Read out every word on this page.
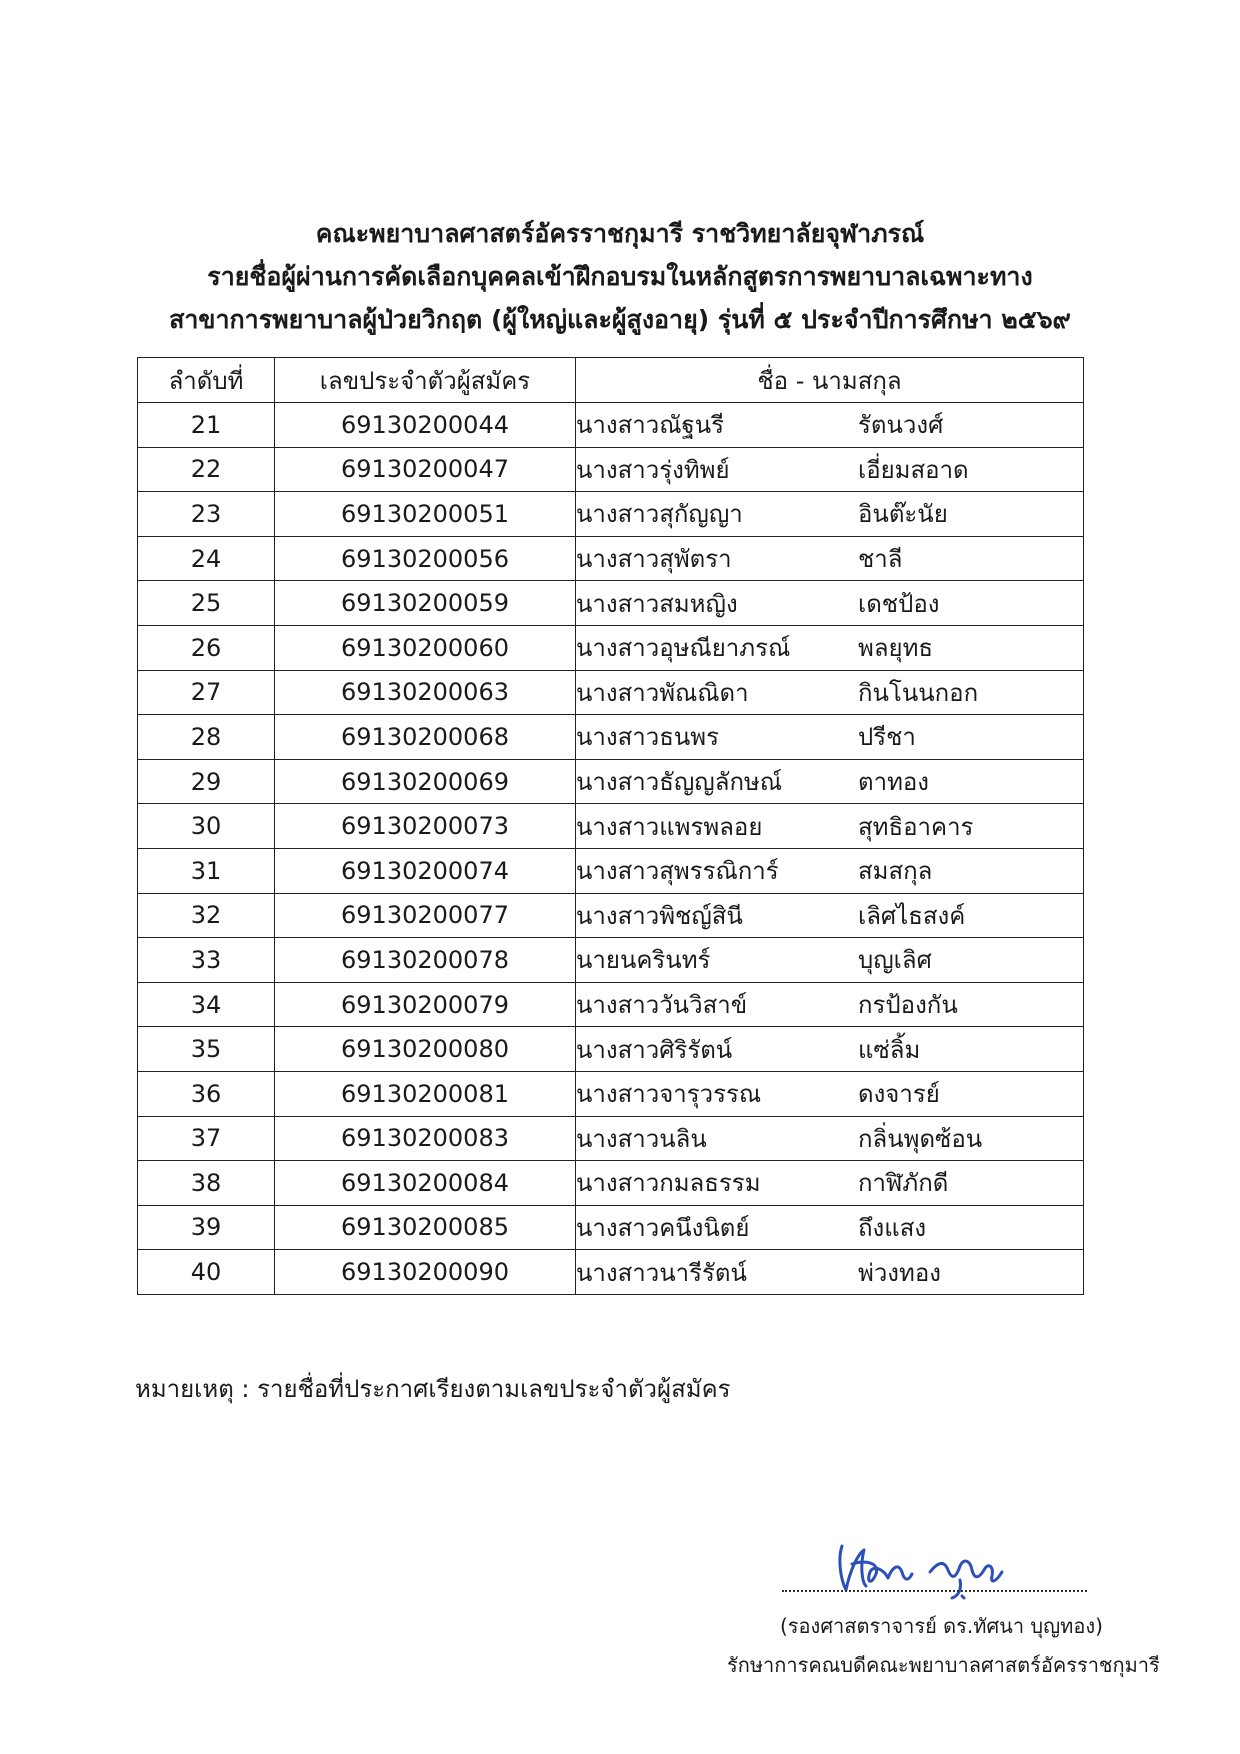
คณะพยาบาลศาสตร์อัครราชกุมารี ราชวิทยาลัยจุฬาภรณ์
รายชื่อผู้ผ่านการคัดเลือกบุคคลเข้าฝึกอบรมในหลักสูตรการพยาบาลเฉพาะทาง
สาขาการพยาบาลผู้ป่วยวิกฤต (ผู้ใหญ่และผู้สูงอายุ) รุ่นที่ ๕ ประจำปีการศึกษา ๒๕๖๙
ลำดับที่	เลขประจำตัวผู้สมัคร	ชื่อ - นามสกุล
21	69130200044	นางสาวณัฐนรี รัตนวงศ์

22	69130200047	นางสาวรุ่งทิพย์ เอี่ยมสอาด

23	69130200051	นางสาวสุกัญญา อินต๊ะนัย

24	69130200056	นางสาวสุพัตรา ชาลี

25	69130200059	นางสาวสมหญิง เดชป้อง

26	69130200060	นางสาวอุษณียาภรณ์ พลยุทธ

27	69130200063	นางสาวพัณณิดา กินโนนกอก

28	69130200068	นางสาวธนพร ปรีชา

29	69130200069	นางสาวธัญญลักษณ์ ตาทอง

30	69130200073	นางสาวแพรพลอย สุทธิอาคาร

31	69130200074	นางสาวสุพรรณิการ์ สมสกุล

32	69130200077	นางสาวพิชญ์สินี เลิศไธสงค์

33	69130200078	นายนครินทร์ บุญเลิศ

34	69130200079	นางสาววันวิสาข์ กรป้องกัน

35	69130200080	นางสาวศิริรัตน์ แซ่ลิ้ม

36	69130200081	นางสาวจารุวรรณ ดงจารย์

37	69130200083	นางสาวนลิน กลิ่นพุดซ้อน

38	69130200084	นางสาวกมลธรรม กาฬิภักดี

39	69130200085	นางสาวคนึงนิตย์ ถึงแสง

40	69130200090	นางสาวนารีรัตน์ พ่วงทอง
หมายเหตุ : รายชื่อที่ประกาศเรียงตามเลขประจำตัวผู้สมัคร
(รองศาสตราจารย์ ดร.ทัศนา บุญทอง)
รักษาการคณบดีคณะพยาบาลศาสตร์อัครราชกุมารี
